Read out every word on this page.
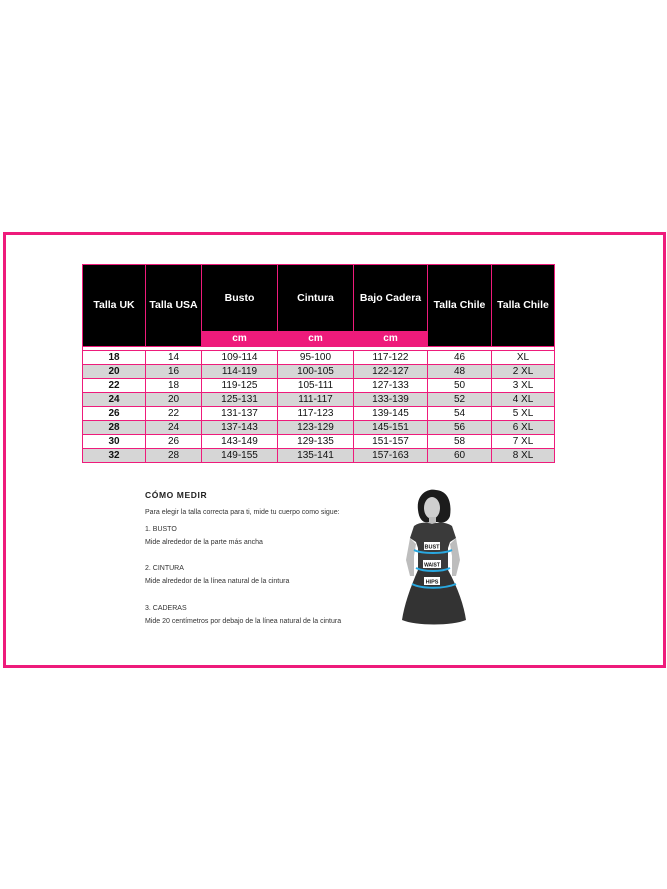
Talla UK	Talla USA	Busto	Cintura	Bajo Cadera	Talla Chile	Talla Chile
		cm	cm	cm		

18	14	109-114	95-100	117-122	46	XL
20	16	114-119	100-105	122-127	48	2 XL
22	18	119-125	105-111	127-133	50	3 XL
24	20	125-131	111-117	133-139	52	4 XL
26	22	131-137	117-123	139-145	54	5 XL
28	24	137-143	123-129	145-151	56	6 XL
30	26	143-149	129-135	151-157	58	7 XL
32	28	149-155	135-141	157-163	60	8 XL
CÓMO MEDIR
Para elegir la talla correcta para ti, mide tu cuerpo como sigue:
1. BUSTO
Mide alrededor de la parte más ancha
2. CINTURA
Mide alrededor de la línea natural de la cintura
3. CADERAS
Mide 20 centímetros por debajo de la línea natural de la cintura
BUST
WAIST
HIPS
